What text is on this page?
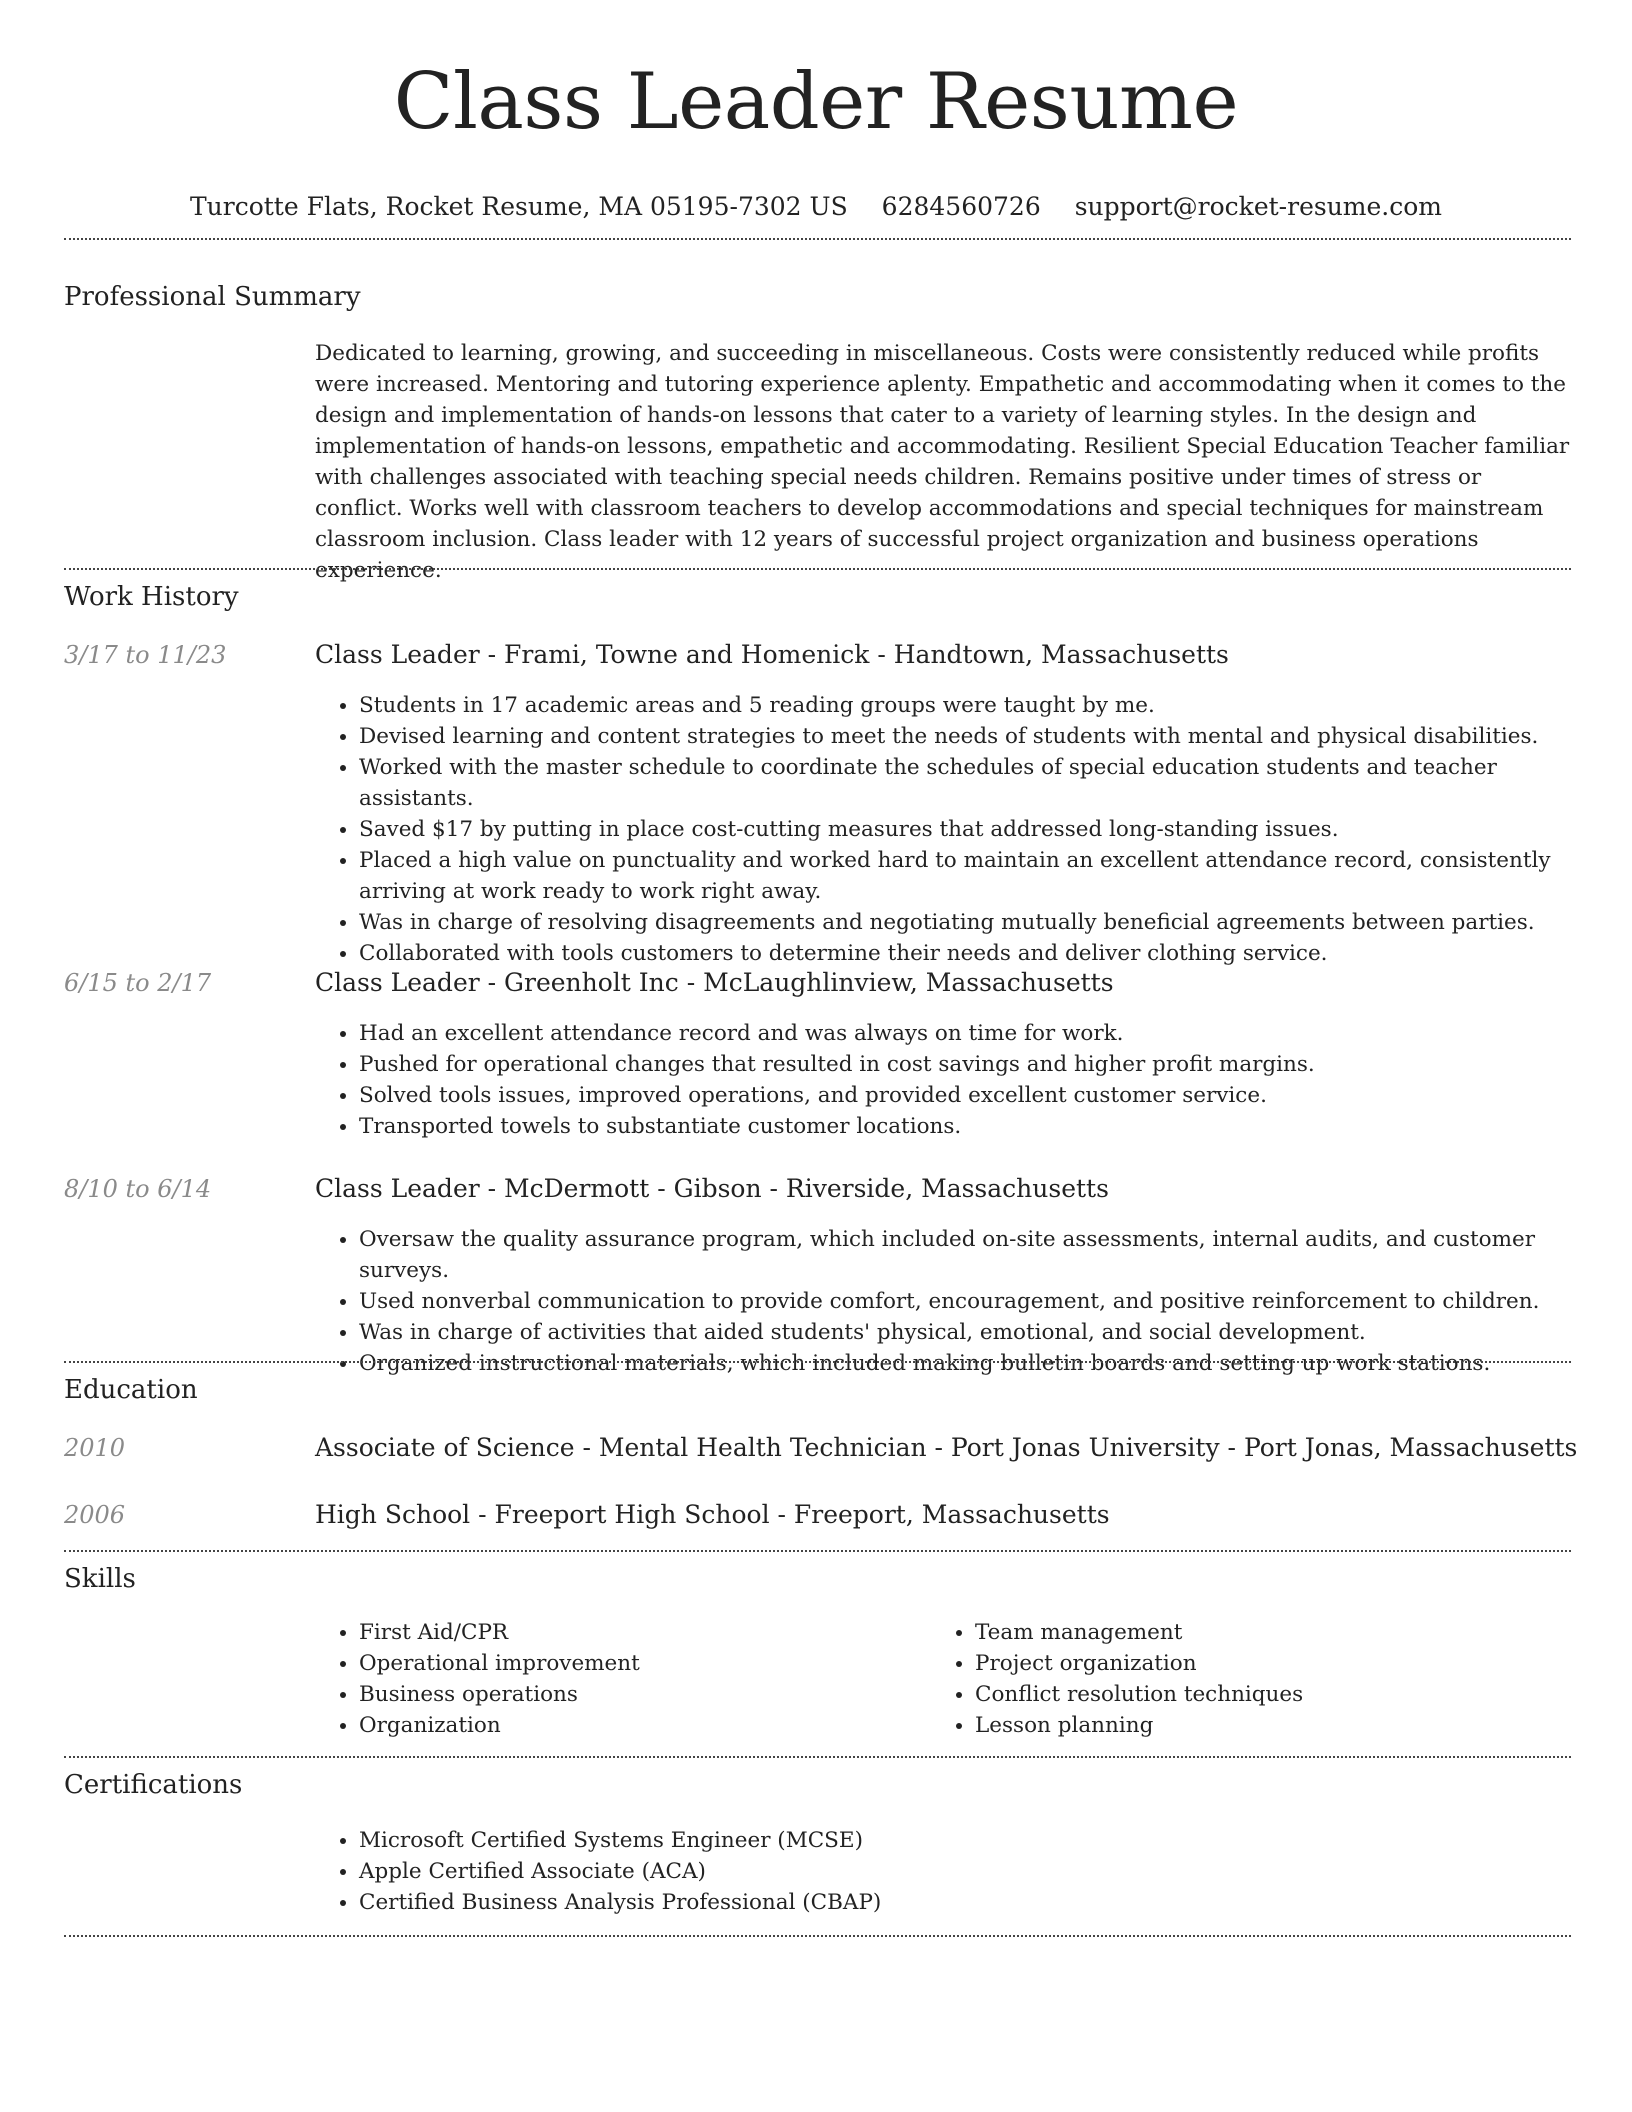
Class Leader Resume
Turcotte Flats, Rocket Resume, MA 05195-7302 US 6284560726 support@rocket-resume.com
Professional Summary

Dedicated to learning, growing, and succeeding in miscellaneous. Costs were consistently reduced while profits were increased. Mentoring and tutoring experience aplenty. Empathetic and accommodating when it comes to the design and implementation of hands-on lessons that cater to a variety of learning styles. In the design and implementation of hands-on lessons, empathetic and accommodating. Resilient Special Education Teacher familiar with challenges associated with teaching special needs children. Remains positive under times of stress or conflict. Works well with classroom teachers to develop accommodations and special techniques for mainstream classroom inclusion. Class leader with 12 years of successful project organization and business operations experience.

Work History
3/17 to 11/23	Class Leader - Frami, Towne and Homenick - Handtown, Massachusetts
• Students in 17 academic areas and 5 reading groups were taught by me.
• Devised learning and content strategies to meet the needs of students with mental and physical disabilities.
• Worked with the master schedule to coordinate the schedules of special education students and teacher assistants.
• Saved $17 by putting in place cost-cutting measures that addressed long-standing issues.
• Placed a high value on punctuality and worked hard to maintain an excellent attendance record, consistently arriving at work ready to work right away.
• Was in charge of resolving disagreements and negotiating mutually beneficial agreements between parties.
• Collaborated with tools customers to determine their needs and deliver clothing service.
6/15 to 2/17	Class Leader - Greenholt Inc - McLaughlinview, Massachusetts
• Had an excellent attendance record and was always on time for work.
• Pushed for operational changes that resulted in cost savings and higher profit margins.
• Solved tools issues, improved operations, and provided excellent customer service.
• Transported towels to substantiate customer locations.
8/10 to 6/14	Class Leader - McDermott - Gibson - Riverside, Massachusetts
• Oversaw the quality assurance program, which included on-site assessments, internal audits, and customer surveys.
• Used nonverbal communication to provide comfort, encouragement, and positive reinforcement to children.
• Was in charge of activities that aided students' physical, emotional, and social development.
• Organized instructional materials, which included making bulletin boards and setting up work stations.
Education
2010	Associate of Science - Mental Health Technician - Port Jonas University - Port Jonas, Massachusetts
2006	High School - Freeport High School - Freeport, Massachusetts
Skills
• First Aid/CPR
• Operational improvement
• Business operations
• Organization
• Team management
• Project organization
• Conflict resolution techniques
• Lesson planning
Certifications
• Microsoft Certified Systems Engineer (MCSE)
• Apple Certified Associate (ACA)
• Certified Business Analysis Professional (CBAP)
